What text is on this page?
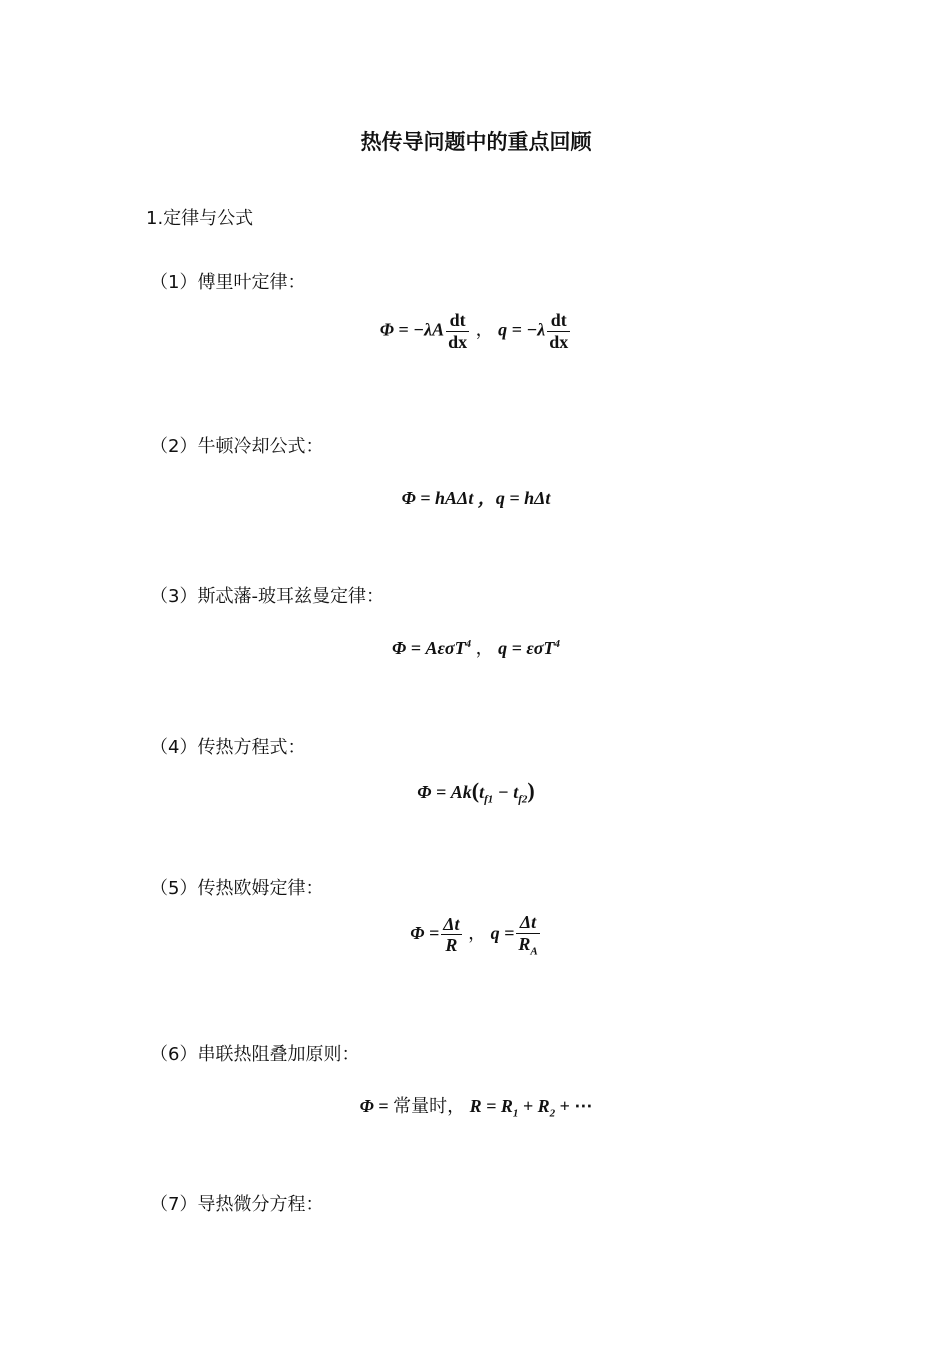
热传导问题中的重点回顾
1.定律与公式
（1）傅里叶定律：
$\Phi = -\lambda A \frac{dt}{dx}$ ， $q = -\lambda \frac{dt}{dx}$
（2）牛顿冷却公式：
Φ = hAΔt ，q = hΔt
（3）斯忒藩-玻耳兹曼定律：
Φ = AεσT$^4$ ， q = εσT$^4$
（4）传热方程式：
$\Phi = Ak(t_{f1} - t_{f2})$
（5）传热欧姆定律：
$\Phi = \frac{\Delta t}{R}$ ， $q = \frac{\Delta t}{R_A}$
（6）串联热阻叠加原则：
Φ = 常量时， $R = R_1 + R_2$ + ⋯
（7）导热微分方程：
